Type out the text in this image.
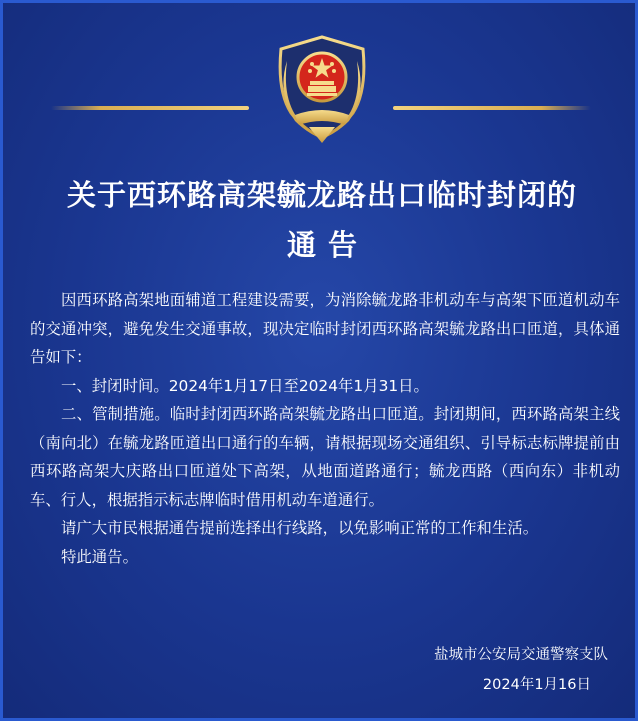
关于西环路高架毓龙路出口临时封闭的
通告

因西环路高架地面辅道工程建设需要，为消除毓龙路非机动车与高架下匝道机动车的交通冲突，避免发生交通事故，现决定临时封闭西环路高架毓龙路出口匝道，具体通告如下：

一、封闭时间。2024年1月17日至2024年1月31日。

二、管制措施。临时封闭西环路高架毓龙路出口匝道。封闭期间，西环路高架主线（南向北）在毓龙路匝道出口通行的车辆，请根据现场交通组织、引导标志标牌提前由西环路高架大庆路出口匝道处下高架，从地面道路通行；毓龙西路（西向东）非机动车、行人，根据指示标志牌临时借用机动车道通行。

请广大市民根据通告提前选择出行线路，以免影响正常的工作和生活。

特此通告。

盐城市公安局交通警察支队
2024年1月16日
